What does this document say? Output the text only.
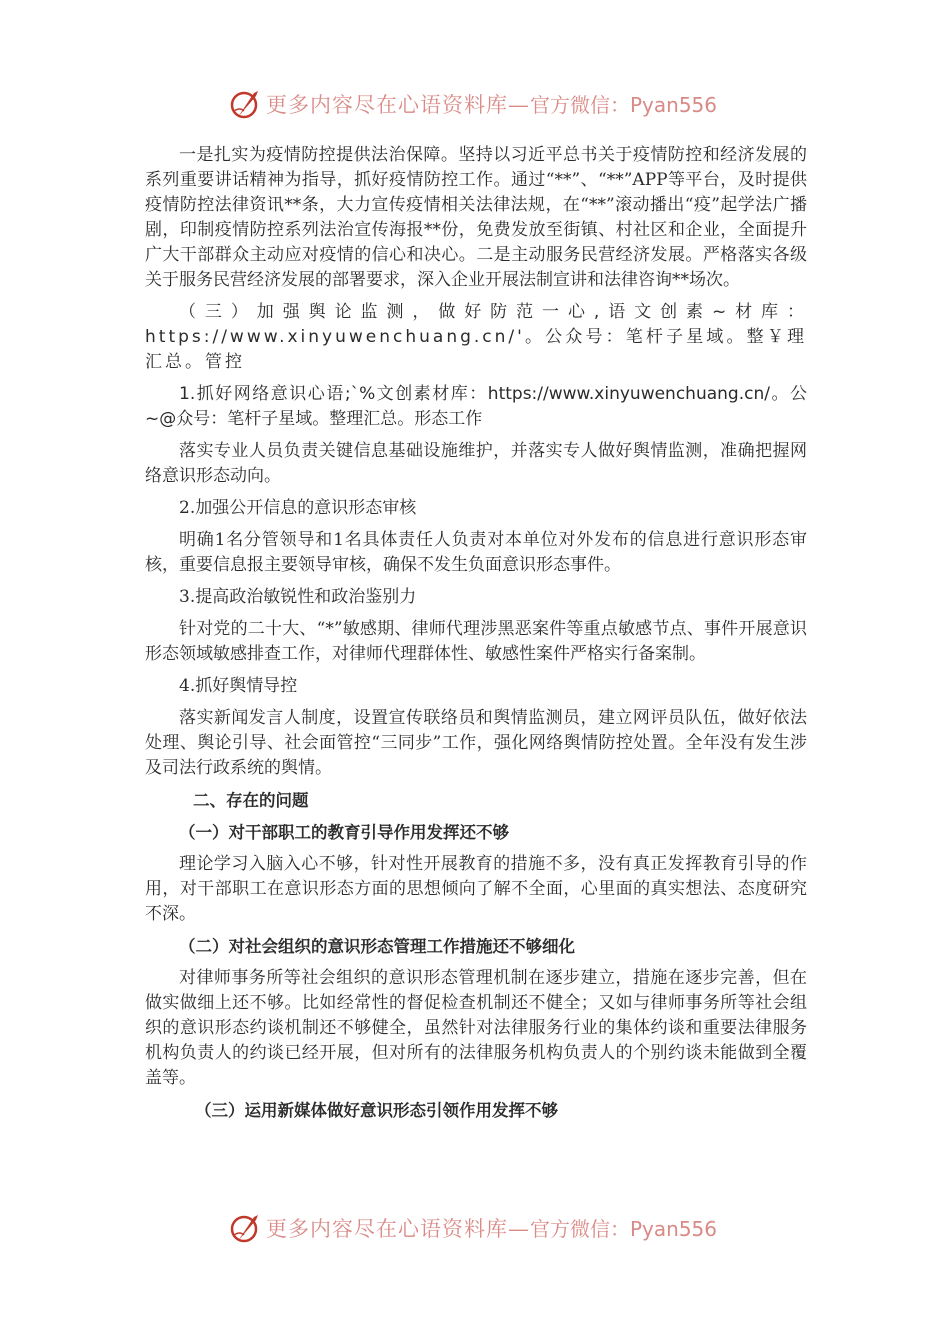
更多内容尽在心语资料库—官方微信：Pyan556

一是扎实为疫情防控提供法治保障。坚持以习近平总书关于疫情防控和经济发展的系列重要讲话精神为指导，抓好疫情防控工作。通过“**”、“**”APP等平台，及时提供疫情防控法律资讯**条，大力宣传疫情相关法律法规，在“**”滚动播出“疫”起学法广播剧，印制疫情防控系列法治宣传海报**份，免费发放至街镇、村社区和企业，全面提升广大干部群众主动应对疫情的信心和决心。二是主动服务民营经济发展。严格落实各级关于服务民营经济发展的部署要求，深入企业开展法制宣讲和法律咨询**场次。

（三）加强舆论监测，做好防范一心,语文创素~材库：https://www.xinyuwenchuang.cn/'。公众号：笔杆子星域。整￥理汇总。管控

1.抓好网络意识心语;`%文创素材库：https://www.xinyuwenchuang.cn/。公~@众号：笔杆子星域。整理汇总。形态工作

落实专业人员负责关键信息基础设施维护，并落实专人做好舆情监测，准确把握网络意识形态动向。

2.加强公开信息的意识形态审核

明确1名分管领导和1名具体责任人负责对本单位对外发布的信息进行意识形态审核，重要信息报主要领导审核，确保不发生负面意识形态事件。

3.提高政治敏锐性和政治鉴别力

针对党的二十大、“*”敏感期、律师代理涉黑恶案件等重点敏感节点、事件开展意识形态领域敏感排查工作，对律师代理群体性、敏感性案件严格实行备案制。

4.抓好舆情导控

落实新闻发言人制度，设置宣传联络员和舆情监测员，建立网评员队伍，做好依法处理、舆论引导、社会面管控“三同步”工作，强化网络舆情防控处置。全年没有发生涉及司法行政系统的舆情。

二、存在的问题

（一）对干部职工的教育引导作用发挥还不够

理论学习入脑入心不够，针对性开展教育的措施不多，没有真正发挥教育引导的作用，对干部职工在意识形态方面的思想倾向了解不全面，心里面的真实想法、态度研究不深。

（二）对社会组织的意识形态管理工作措施还不够细化

对律师事务所等社会组织的意识形态管理机制在逐步建立，措施在逐步完善，但在做实做细上还不够。比如经常性的督促检查机制还不健全；又如与律师事务所等社会组织的意识形态约谈机制还不够健全，虽然针对法律服务行业的集体约谈和重要法律服务机构负责人的约谈已经开展，但对所有的法律服务机构负责人的个别约谈未能做到全覆盖等。

（三）运用新媒体做好意识形态引领作用发挥不够

更多内容尽在心语资料库—官方微信：Pyan556
